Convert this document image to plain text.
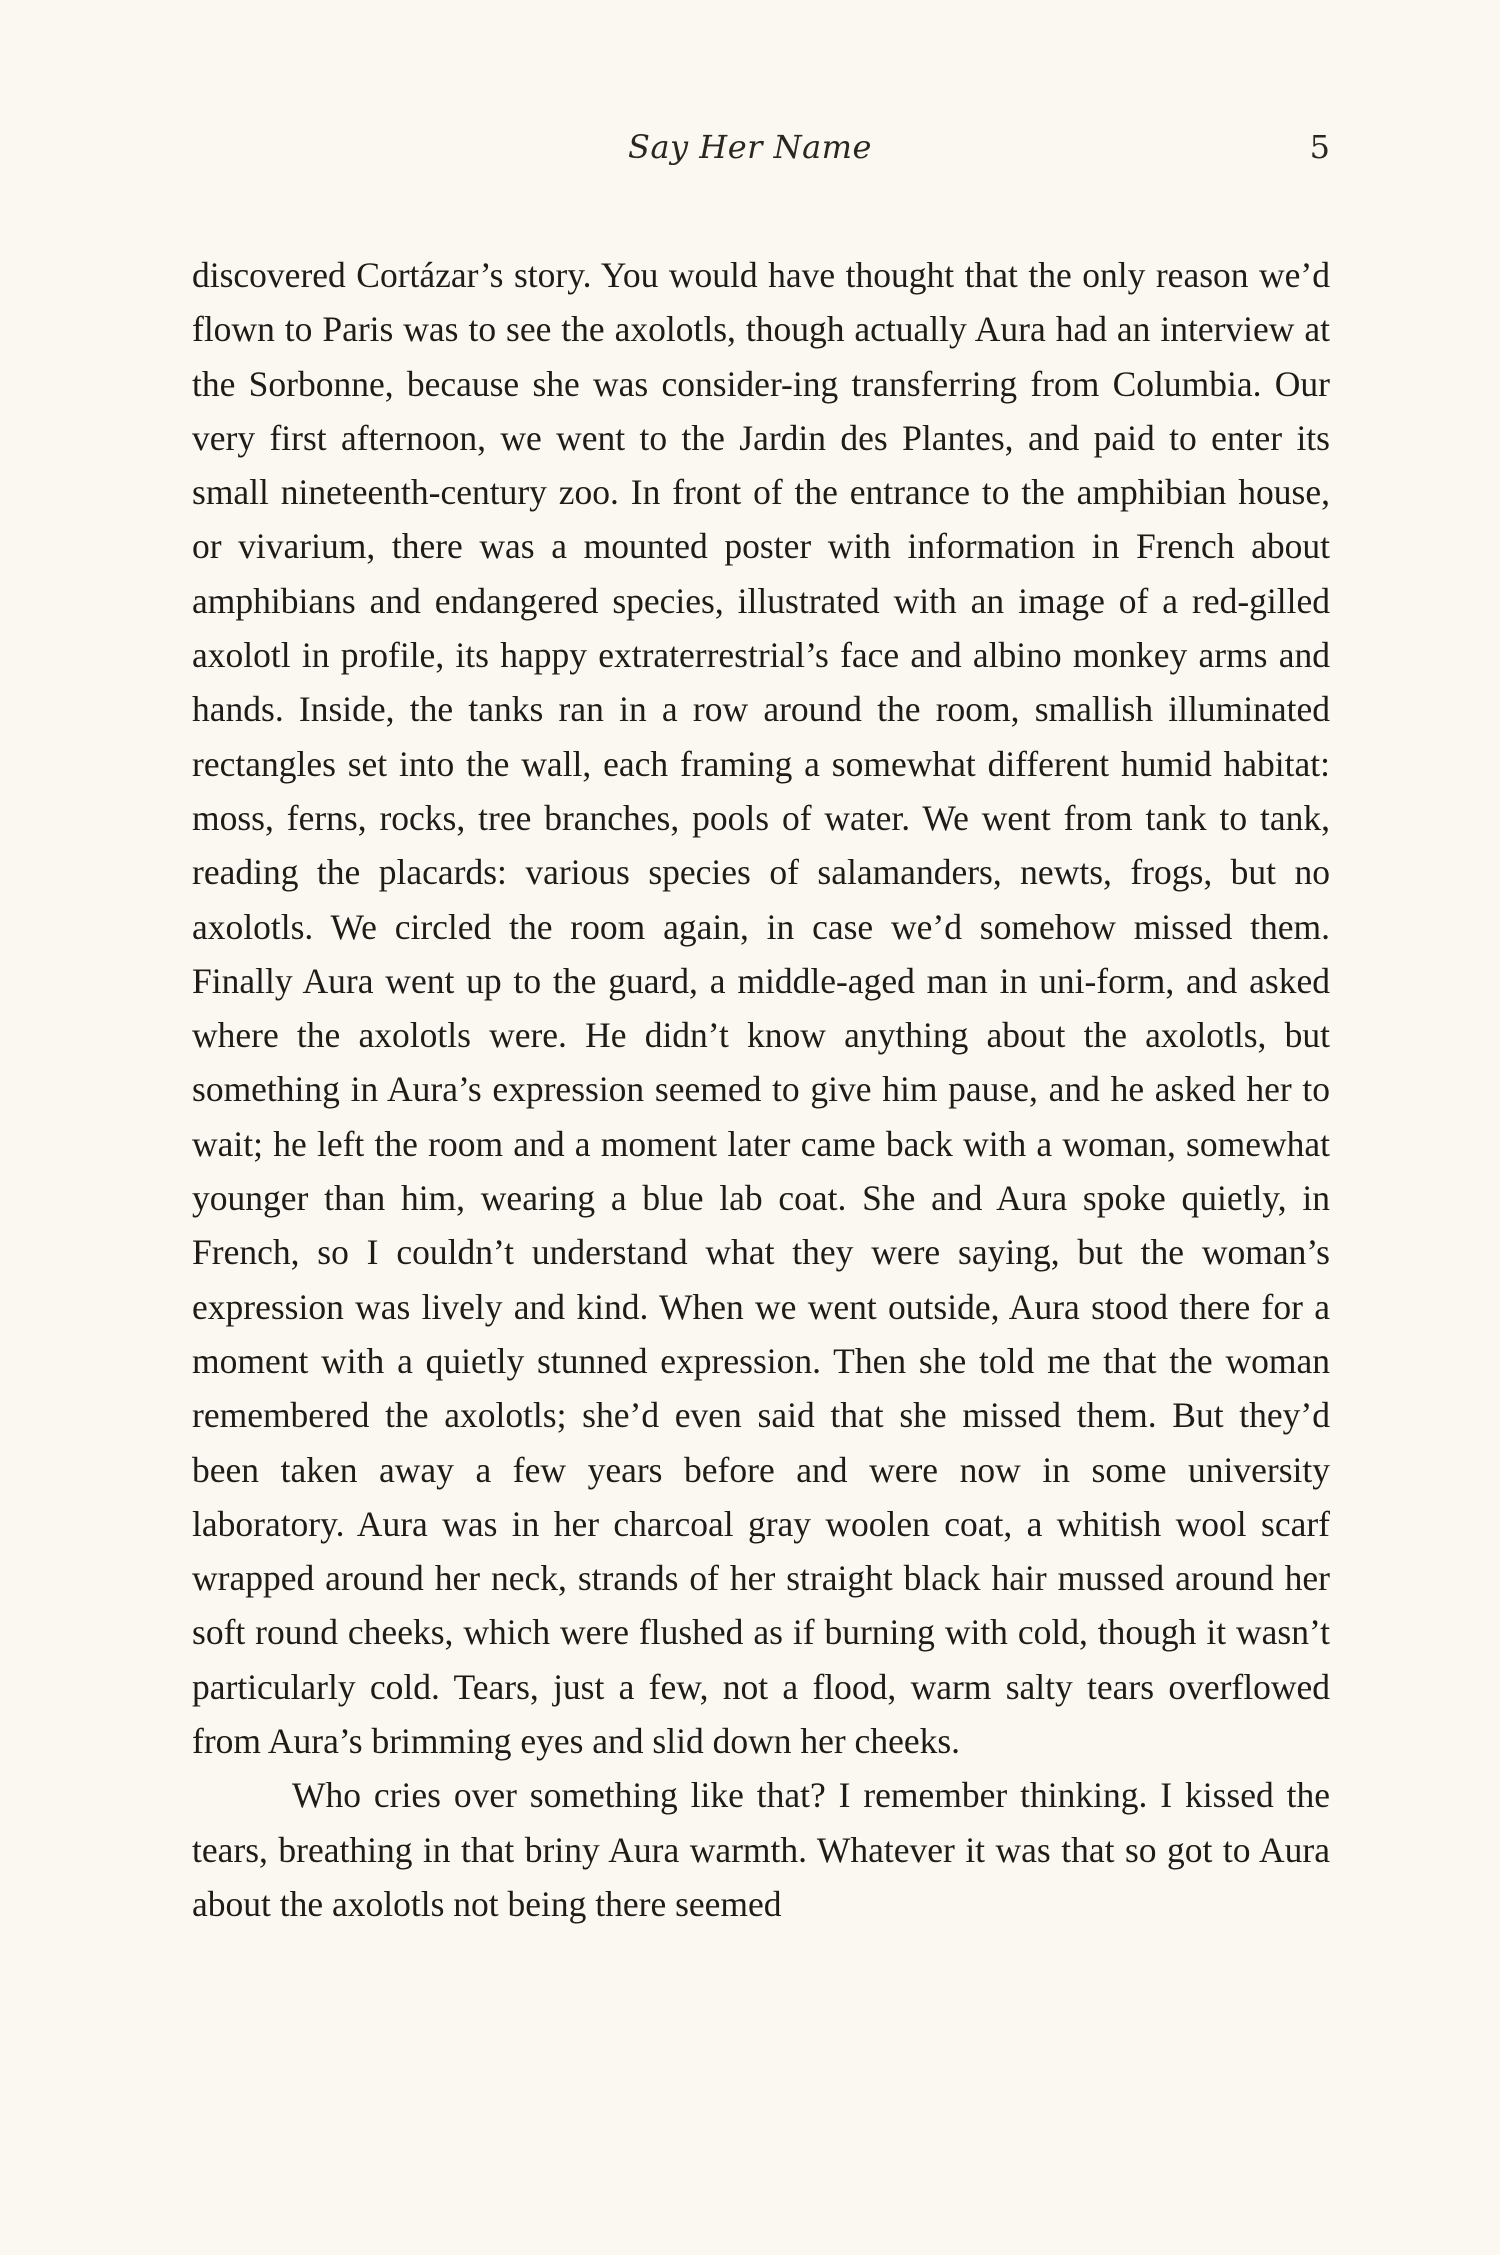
Say Her Name	5

discovered Cortázar’s story. You would have thought that the only reason we’d flown to Paris was to see the axolotls, though actually Aura had an interview at the Sorbonne, because she was consider-ing transferring from Columbia. Our very first afternoon, we went to the Jardin des Plantes, and paid to enter its small nineteenth-century zoo. In front of the entrance to the amphibian house, or vivarium, there was a mounted poster with information in French about amphibians and endangered species, illustrated with an image of a red-gilled axolotl in profile, its happy extraterrestrial’s face and albino monkey arms and hands. Inside, the tanks ran in a row around the room, smallish illuminated rectangles set into the wall, each framing a somewhat different humid habitat: moss, ferns, rocks, tree branches, pools of water. We went from tank to tank, reading the placards: various species of salamanders, newts, frogs, but no axolotls. We circled the room again, in case we’d somehow missed them. Finally Aura went up to the guard, a middle-aged man in uni-form, and asked where the axolotls were. He didn’t know anything about the axolotls, but something in Aura’s expression seemed to give him pause, and he asked her to wait; he left the room and a moment later came back with a woman, somewhat younger than him, wearing a blue lab coat. She and Aura spoke quietly, in French, so I couldn’t understand what they were saying, but the woman’s expression was lively and kind. When we went outside, Aura stood there for a moment with a quietly stunned expression. Then she told me that the woman remembered the axolotls; she’d even said that she missed them. But they’d been taken away a few years before and were now in some university laboratory. Aura was in her charcoal gray woolen coat, a whitish wool scarf wrapped around her neck, strands of her straight black hair mussed around her soft round cheeks, which were flushed as if burning with cold, though it wasn’t particularly cold. Tears, just a few, not a flood, warm salty tears overflowed from Aura’s brimming eyes and slid down her cheeks.

Who cries over something like that? I remember thinking. I kissed the tears, breathing in that briny Aura warmth. Whatever it was that so got to Aura about the axolotls not being there seemed
